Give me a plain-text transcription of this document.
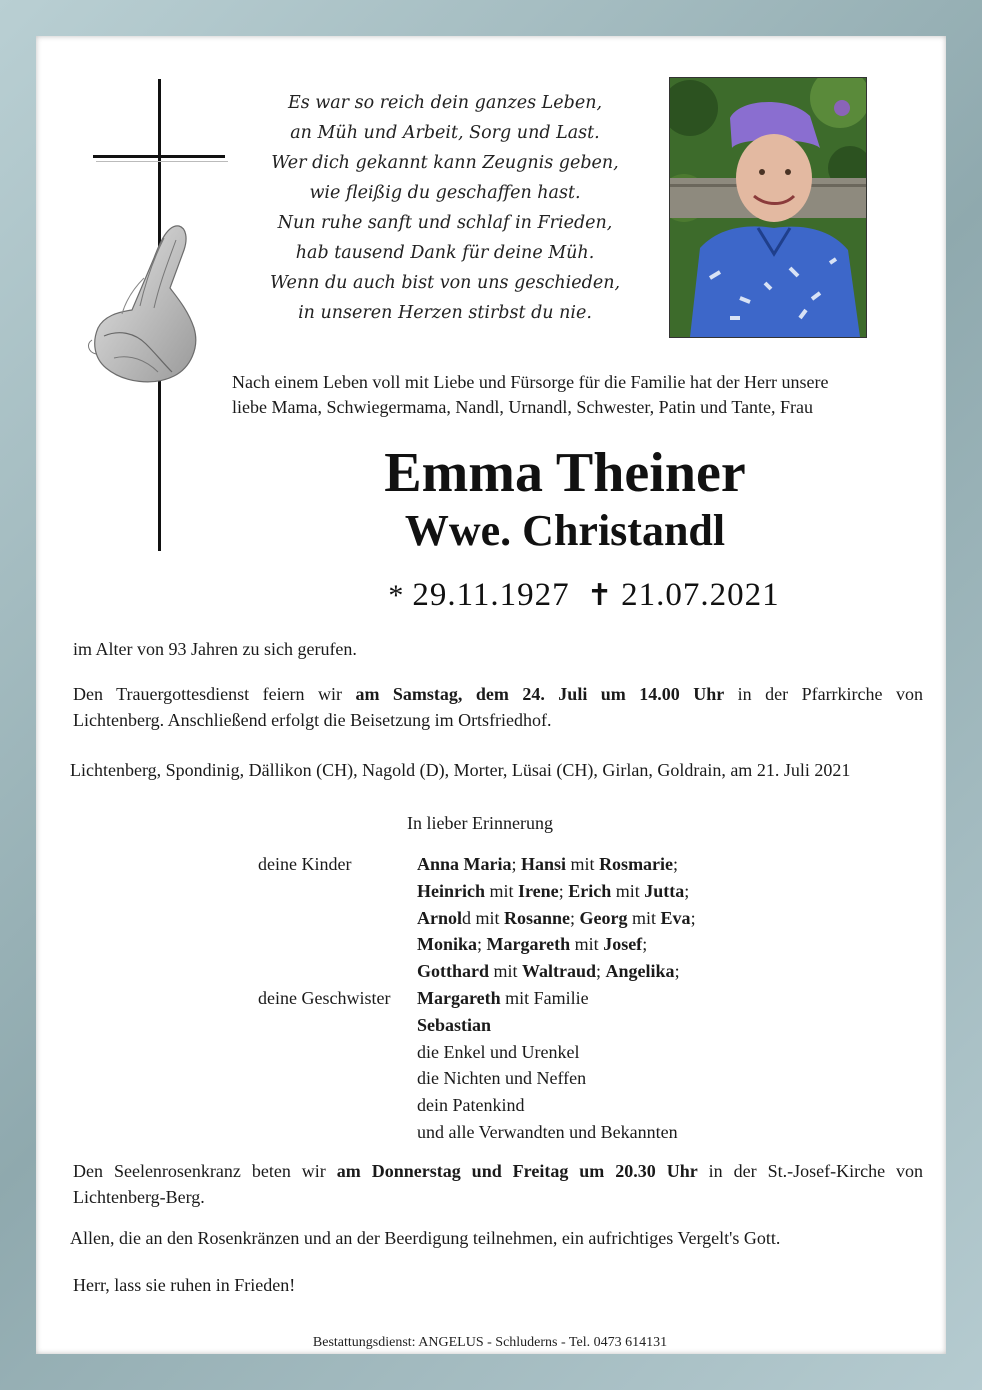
Es war so reich dein ganzes Leben,
an Müh und Arbeit, Sorg und Last.
Wer dich gekannt kann Zeugnis geben,
wie fleißig du geschaffen hast.
Nun ruhe sanft und schlaf in Frieden,
hab tausend Dank für deine Müh.
Wenn du auch bist von uns geschieden,
in unseren Herzen stirbst du nie.
Nach einem Leben voll mit Liebe und Fürsorge für die Familie hat der Herr unsere
liebe Mama, Schwiegermama, Nandl, Urnandl, Schwester, Patin und Tante, Frau
Emma Theiner
Wwe. Christandl
* 29.11.1927 ✝ 21.07.2021
im Alter von 93 Jahren zu sich gerufen.
Den Trauergottesdienst feiern wir am Samstag, dem 24. Juli um 14.00 Uhr in der Pfarrkirche von
Lichtenberg. Anschließend erfolgt die Beisetzung im Ortsfriedhof.
Lichtenberg, Spondinig, Dällikon (CH), Nagold (D), Morter, Lüsai (CH), Girlan, Goldrain, am 21. Juli 2021
In lieber Erinnerung
deine Kinder
deine Geschwister
Anna Maria; Hansi mit Rosmarie;
Heinrich mit Irene; Erich mit Jutta;
Arnold mit Rosanne; Georg mit Eva;
Monika; Margareth mit Josef;
Gotthard mit Waltraud; Angelika;
Margareth mit Familie
Sebastian
die Enkel und Urenkel
die Nichten und Neffen
dein Patenkind
und alle Verwandten und Bekannten
Den Seelenrosenkranz beten wir am Donnerstag und Freitag um 20.30 Uhr in der St.-Josef-Kirche von
Lichtenberg-Berg.
Allen, die an den Rosenkränzen und an der Beerdigung teilnehmen, ein aufrichtiges Vergelt's Gott.
Herr, lass sie ruhen in Frieden!
Bestattungsdienst: ANGELUS - Schluderns - Tel. 0473 614131
